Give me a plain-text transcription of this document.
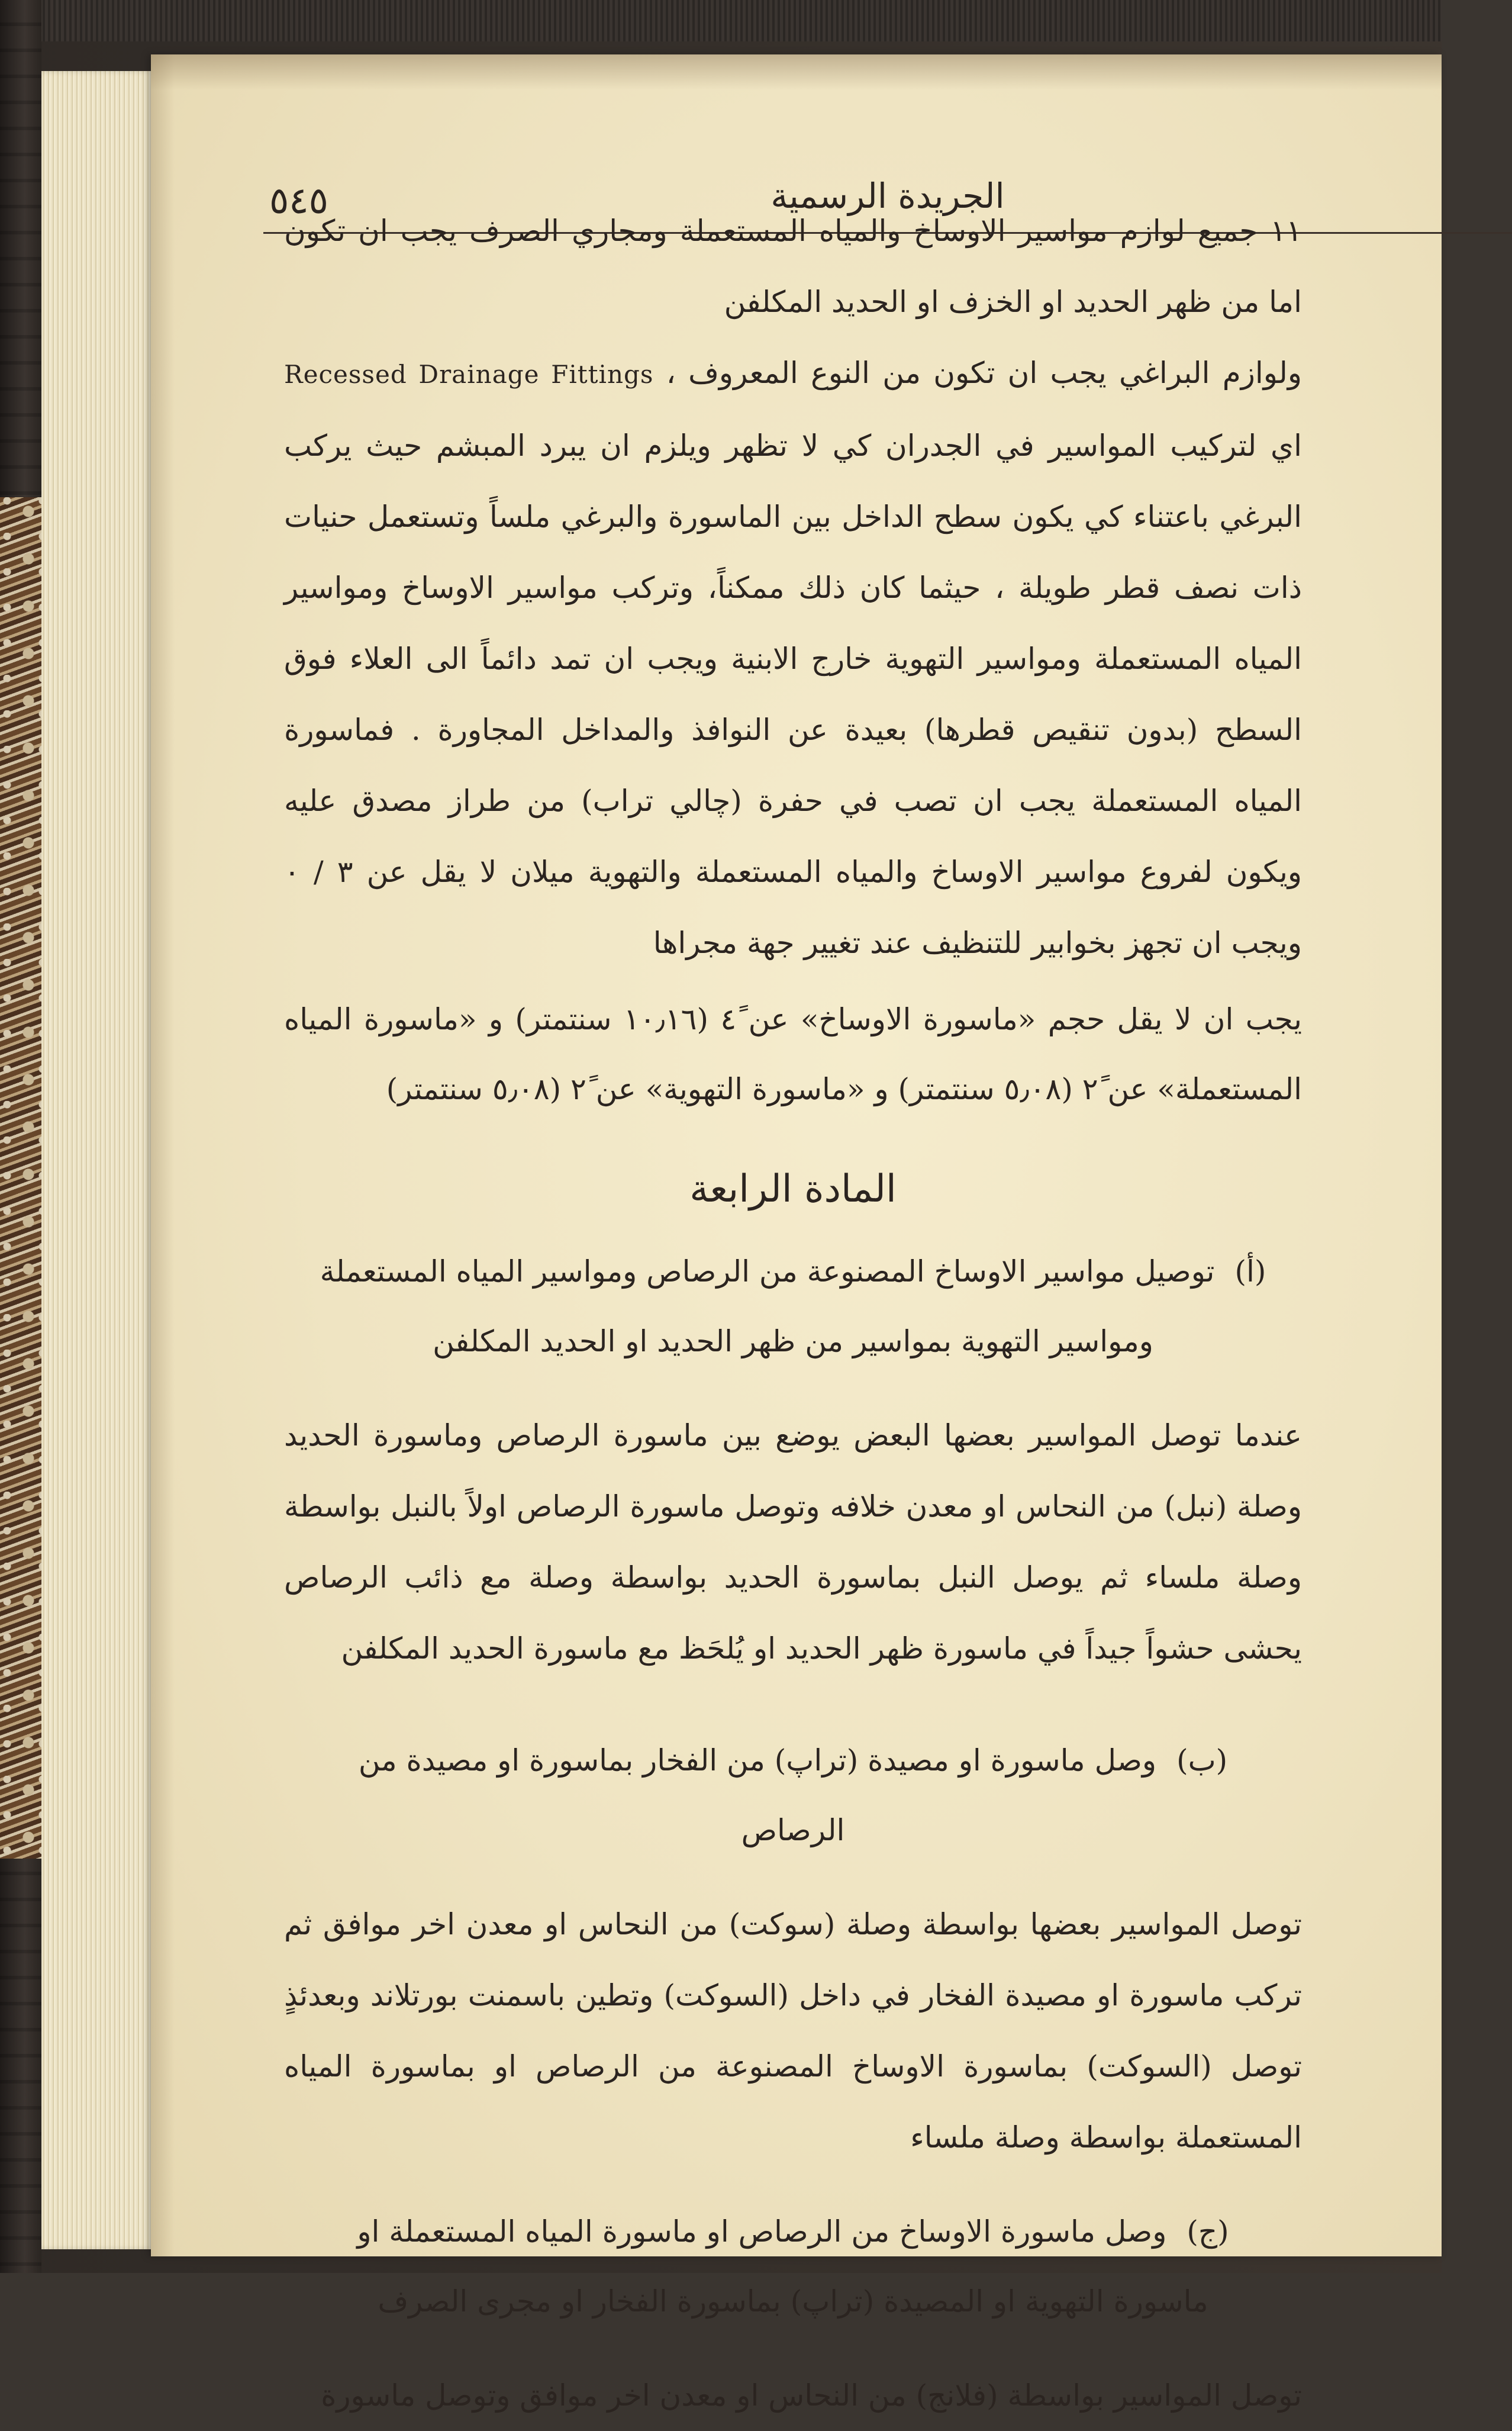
٥٤٥	الجريدة الرسمية

١١ جميع لوازم مواسير الاوساخ والمياه المستعملة ومجاري الصرف يجب ان تكون اما من ظهر الحديد او الخزف او الحديد المكلفن

ولوازم البراغي يجب ان تكون من النوع المعروف ، Recessed Drainage Fittings اي لتركيب المواسير في الجدران كي لا تظهر ويلزم ان يبرد المبشم حيث يركب البرغي باعتناء كي يكون سطح الداخل بين الماسورة والبرغي ملساً وتستعمل حنيات ذات نصف قطر طويلة ، حيثما كان ذلك ممكناً، وتركب مواسير الاوساخ ومواسير المياه المستعملة ومواسير التهوية خارج الابنية ويجب ان تمد دائماً الى العلاء فوق السطح (بدون تنقيص قطرها) بعيدة عن النوافذ والمداخل المجاورة . فماسورة المياه المستعملة يجب ان تصب في حفرة (چالي تراب) من طراز مصدق عليه ويكون لفروع مواسير الاوساخ والمياه المستعملة والتهوية ميلان لا يقل عن ٣ / ٠ ويجب ان تجهز بخوابير للتنظيف عند تغيير جهة مجراها

يجب ان لا يقل حجم «ماسورة الاوساخ» عن ٤ً (١٠٫١٦ سنتمتر) و «ماسورة المياه المستعملة» عن ٢ً (٥٫٠٨ سنتمتر) و «ماسورة التهوية» عن ٢ً (٥٫٠٨ سنتمتر)

المادة الرابعة
(أ)توصيل مواسير الاوساخ المصنوعة من الرصاص ومواسير المياه المستعملة ومواسير التهوية بمواسير من ظهر الحديد او الحديد المكلفن

عندما توصل المواسير بعضها البعض يوضع بين ماسورة الرصاص وماسورة الحديد وصلة (نبل) من النحاس او معدن خلافه وتوصل ماسورة الرصاص اولاً بالنبل بواسطة وصلة ملساء ثم يوصل النبل بماسورة الحديد بواسطة وصلة مع ذائب الرصاص يحشى حشواً جيداً في ماسورة ظهر الحديد او يُلحَظ مع ماسورة الحديد المكلفن

(ب)وصل ماسورة او مصيدة (تراپ) من الفخار بماسورة او مصيدة من الرصاص

توصل المواسير بعضها بواسطة وصلة (سوكت) من النحاس او معدن اخر موافق ثم تركب ماسورة او مصيدة الفخار في داخل (السوكت) وتطين باسمنت بورتلاند وبعدئذٍ توصل (السوكت) بماسورة الاوساخ المصنوعة من الرصاص او بماسورة المياه المستعملة بواسطة وصلة ملساء

(ج)وصل ماسورة الاوساخ من الرصاص او ماسورة المياه المستعملة او ماسورة التهوية او المصيدة (تراپ) بماسورة الفخار او مجرى الصرف

توصل المواسير بواسطة (فلانج) من النحاس او معدن اخر موافق وتوصل ماسورة
